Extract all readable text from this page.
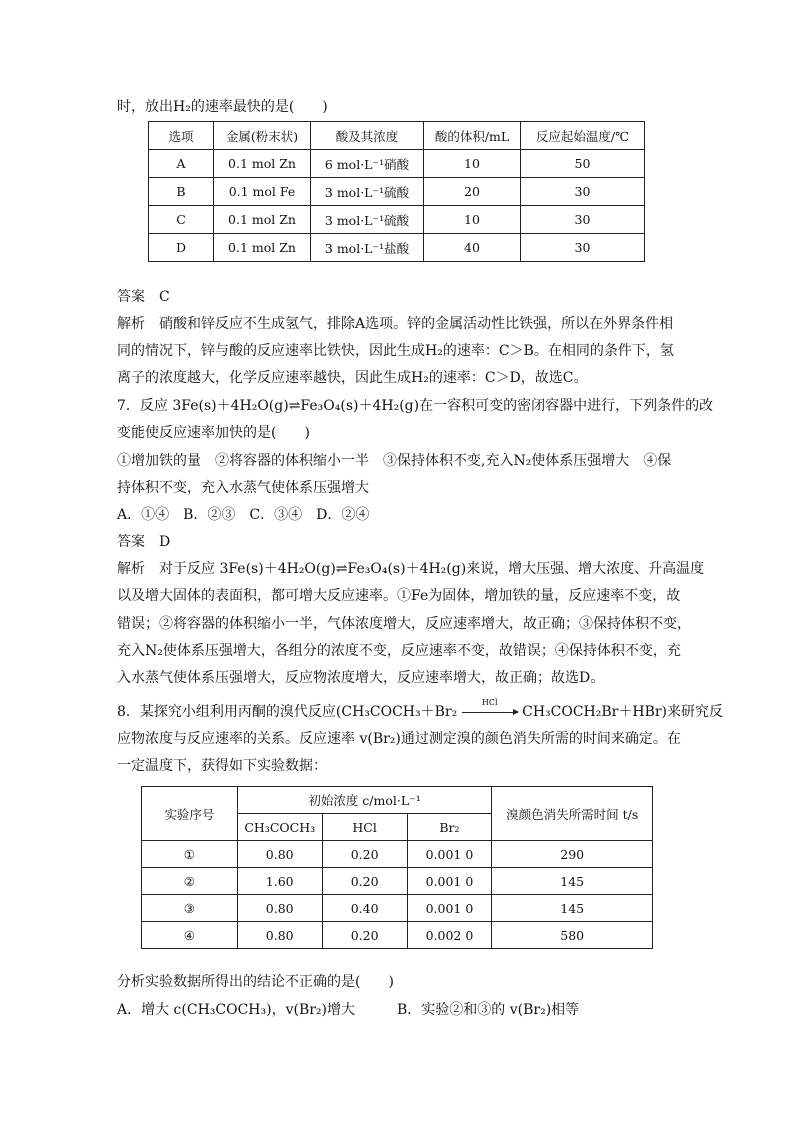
时，放出H₂的速率最快的是(　　)
选项	金属(粉末状)	酸及其浓度	酸的体积/mL	反应起始温度/℃
A	0.1 mol Zn	6 mol·L⁻¹硝酸	10	50
B	0.1 mol Fe	3 mol·L⁻¹硫酸	20	30
C	0.1 mol Zn	3 mol·L⁻¹硫酸	10	30
D	0.1 mol Zn	3 mol·L⁻¹盐酸	40	30
答案　C
解析　硝酸和锌反应不生成氢气，排除A选项。锌的金属活动性比铁强，所以在外界条件相
同的情况下，锌与酸的反应速率比铁快，因此生成H₂的速率：C＞B。在相同的条件下，氢
离子的浓度越大，化学反应速率越快，因此生成H₂的速率：C＞D，故选C。
7．反应 3Fe(s)＋4H₂O(g)⇌Fe₃O₄(s)＋4H₂(g)在一容积可变的密闭容器中进行，下列条件的改
变能使反应速率加快的是(　　)
①增加铁的量　②将容器的体积缩小一半　③保持体积不变,充入N₂使体系压强增大　④保
持体积不变，充入水蒸气使体系压强增大
A．①④　B．②③　C．③④　D．②④
答案　D
解析　对于反应 3Fe(s)＋4H₂O(g)⇌Fe₃O₄(s)＋4H₂(g)来说，增大压强、增大浓度、升高温度
以及增大固体的表面积，都可增大反应速率。①Fe为固体，增加铁的量，反应速率不变，故
错误；②将容器的体积缩小一半，气体浓度增大，反应速率增大，故正确；③保持体积不变，
充入N₂使体系压强增大，各组分的浓度不变，反应速率不变，故错误；④保持体积不变，充
入水蒸气使体系压强增大，反应物浓度增大，反应速率增大，故正确；故选D。
8．某探究小组利用丙酮的溴代反应(CH₃COCH₃＋Br₂
HCl
CH₃COCH₂Br＋HBr)来研究反
应物浓度与反应速率的关系。反应速率 v(Br₂)通过测定溴的颜色消失所需的时间来确定。在
一定温度下，获得如下实验数据：
实验序号	初始浓度 c/mol·L⁻¹			溴颜色消失所需时间 t/s
	CH₃COCH₃	HCl	Br₂	
①	0.80	0.20	0.001 0	290
②	1.60	0.20	0.001 0	145
③	0.80	0.40	0.001 0	145
④	0.80	0.20	0.002 0	580
分析实验数据所得出的结论不正确的是(　　)
A．增大 c(CH₃COCH₃)，v(Br₂)增大　　　B．实验②和③的 v(Br₂)相等
